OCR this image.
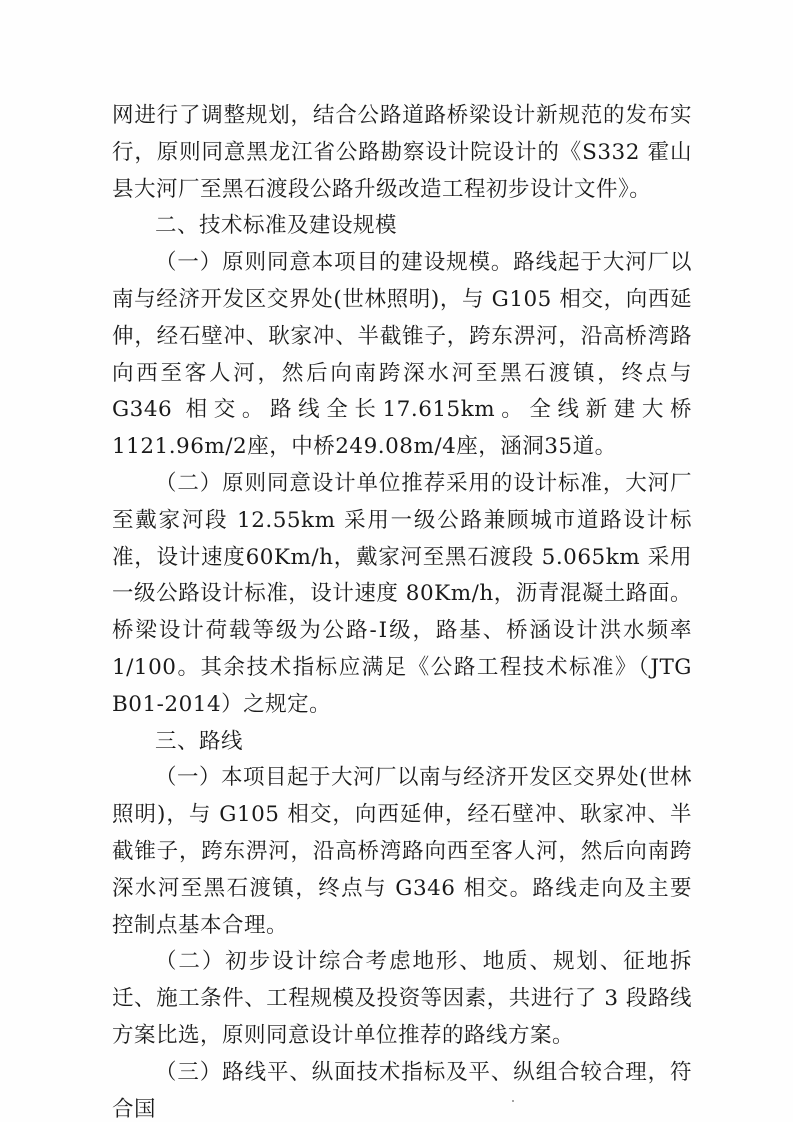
网进行了调整规划，结合公路道路桥梁设计新规范的发布实行，原则同意黑龙江省公路勘察设计院设计的《S332 霍山县大河厂至黑石渡段公路升级改造工程初步设计文件》。

二、技术标准及建设规模

（一）原则同意本项目的建设规模。路线起于大河厂以南与经济开发区交界处(世林照明)，与 G105 相交，向西延伸，经石壁冲、耿家冲、半截锥子，跨东淠河，沿高桥湾路向西至客人河，然后向南跨深水河至黑石渡镇，终点与 G346 相交。路线全长17.615km。全线新建大桥1121.96m/2座，中桥249.08m/4座，涵洞35道。

（二）原则同意设计单位推荐采用的设计标准，大河厂至戴家河段 12.55km 采用一级公路兼顾城市道路设计标准，设计速度60Km/h，戴家河至黑石渡段 5.065km 采用一级公路设计标准，设计速度 80Km/h，沥青混凝土路面。桥梁设计荷载等级为公路-Ⅰ级，路基、桥涵设计洪水频率 1/100。其余技术指标应满足《公路工程技术标准》（JTG B01-2014）之规定。

三、路线

（一）本项目起于大河厂以南与经济开发区交界处(世林照明)，与 G105 相交，向西延伸，经石壁冲、耿家冲、半截锥子，跨东淠河，沿高桥湾路向西至客人河，然后向南跨深水河至黑石渡镇，终点与 G346 相交。路线走向及主要控制点基本合理。

（二）初步设计综合考虑地形、地质、规划、征地拆迁、施工条件、工程规模及投资等因素，共进行了 3 段路线方案比选，原则同意设计单位推荐的路线方案。

（三）路线平、纵面技术指标及平、纵组合较合理，符合国
